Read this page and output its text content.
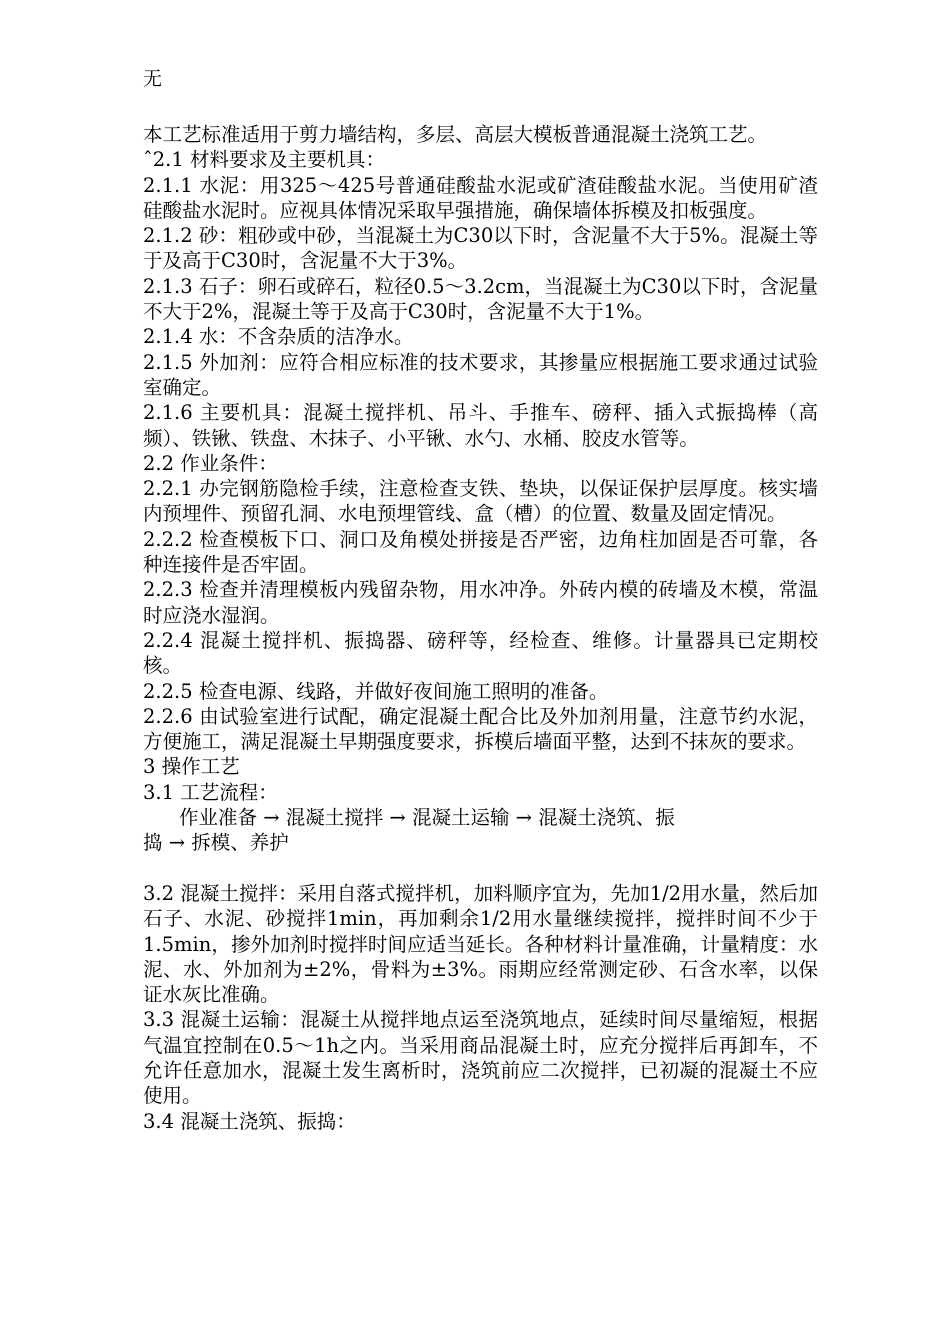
无

本工艺标准适用于剪力墙结构，多层、高层大模板普通混凝土浇筑工艺。

ˆ2.1 材料要求及主要机具：

2.1.1 水泥：用325～425号普通硅酸盐水泥或矿渣硅酸盐水泥。当使用矿渣硅酸盐水泥时。应视具体情况采取早强措施，确保墙体拆模及扣板强度。

2.1.2 砂：粗砂或中砂，当混凝土为C30以下时，含泥量不大于5%。混凝土等于及高于C30时，含泥量不大于3%。

2.1.3 石子：卵石或碎石，粒径0.5～3.2cm，当混凝土为C30以下时，含泥量不大于2%，混凝土等于及高于C30时，含泥量不大于1%。

2.1.4 水：不含杂质的洁净水。

2.1.5 外加剂：应符合相应标准的技术要求，其掺量应根据施工要求通过试验室确定。

2.1.6 主要机具：混凝土搅拌机、吊斗、手推车、磅秤、插入式振捣棒（高频）、铁锹、铁盘、木抹子、小平锹、水勺、水桶、胶皮水管等。

2.2 作业条件：

2.2.1 办完钢筋隐检手续，注意检查支铁、垫块，以保证保护层厚度。核实墙内预埋件、预留孔洞、水电预埋管线、盒（槽）的位置、数量及固定情况。

2.2.2 检查模板下口、洞口及角模处拼接是否严密，边角柱加固是否可靠，各种连接件是否牢固。

2.2.3 检查并清理模板内残留杂物，用水冲净。外砖内模的砖墙及木模，常温时应浇水湿润。

2.2.4 混凝土搅拌机、振捣器、磅秤等，经检查、维修。计量器具已定期校核。

2.2.5 检查电源、线路，并做好夜间施工照明的准备。

2.2.6 由试验室进行试配，确定混凝土配合比及外加剂用量，注意节约水泥，方便施工，满足混凝土早期强度要求，拆模后墙面平整，达到不抹灰的要求。

3 操作工艺

3.1 工艺流程：

作业准备 → 混凝土搅拌 → 混凝土运输 → 混凝土浇筑、振

捣 → 拆模、养护

3.2 混凝土搅拌：采用自落式搅拌机，加料顺序宜为，先加1/2用水量，然后加石子、水泥、砂搅拌1min，再加剩余1/2用水量继续搅拌，搅拌时间不少于1.5min，掺外加剂时搅拌时间应适当延长。各种材料计量准确，计量精度：水泥、水、外加剂为±2%，骨料为±3%。雨期应经常测定砂、石含水率，以保证水灰比准确。

3.3 混凝土运输：混凝土从搅拌地点运至浇筑地点，延续时间尽量缩短，根据气温宜控制在0.5～1h之内。当采用商品混凝土时，应充分搅拌后再卸车，不允许任意加水，混凝土发生离析时，浇筑前应二次搅拌，已初凝的混凝土不应使用。

3.4 混凝土浇筑、振捣：
